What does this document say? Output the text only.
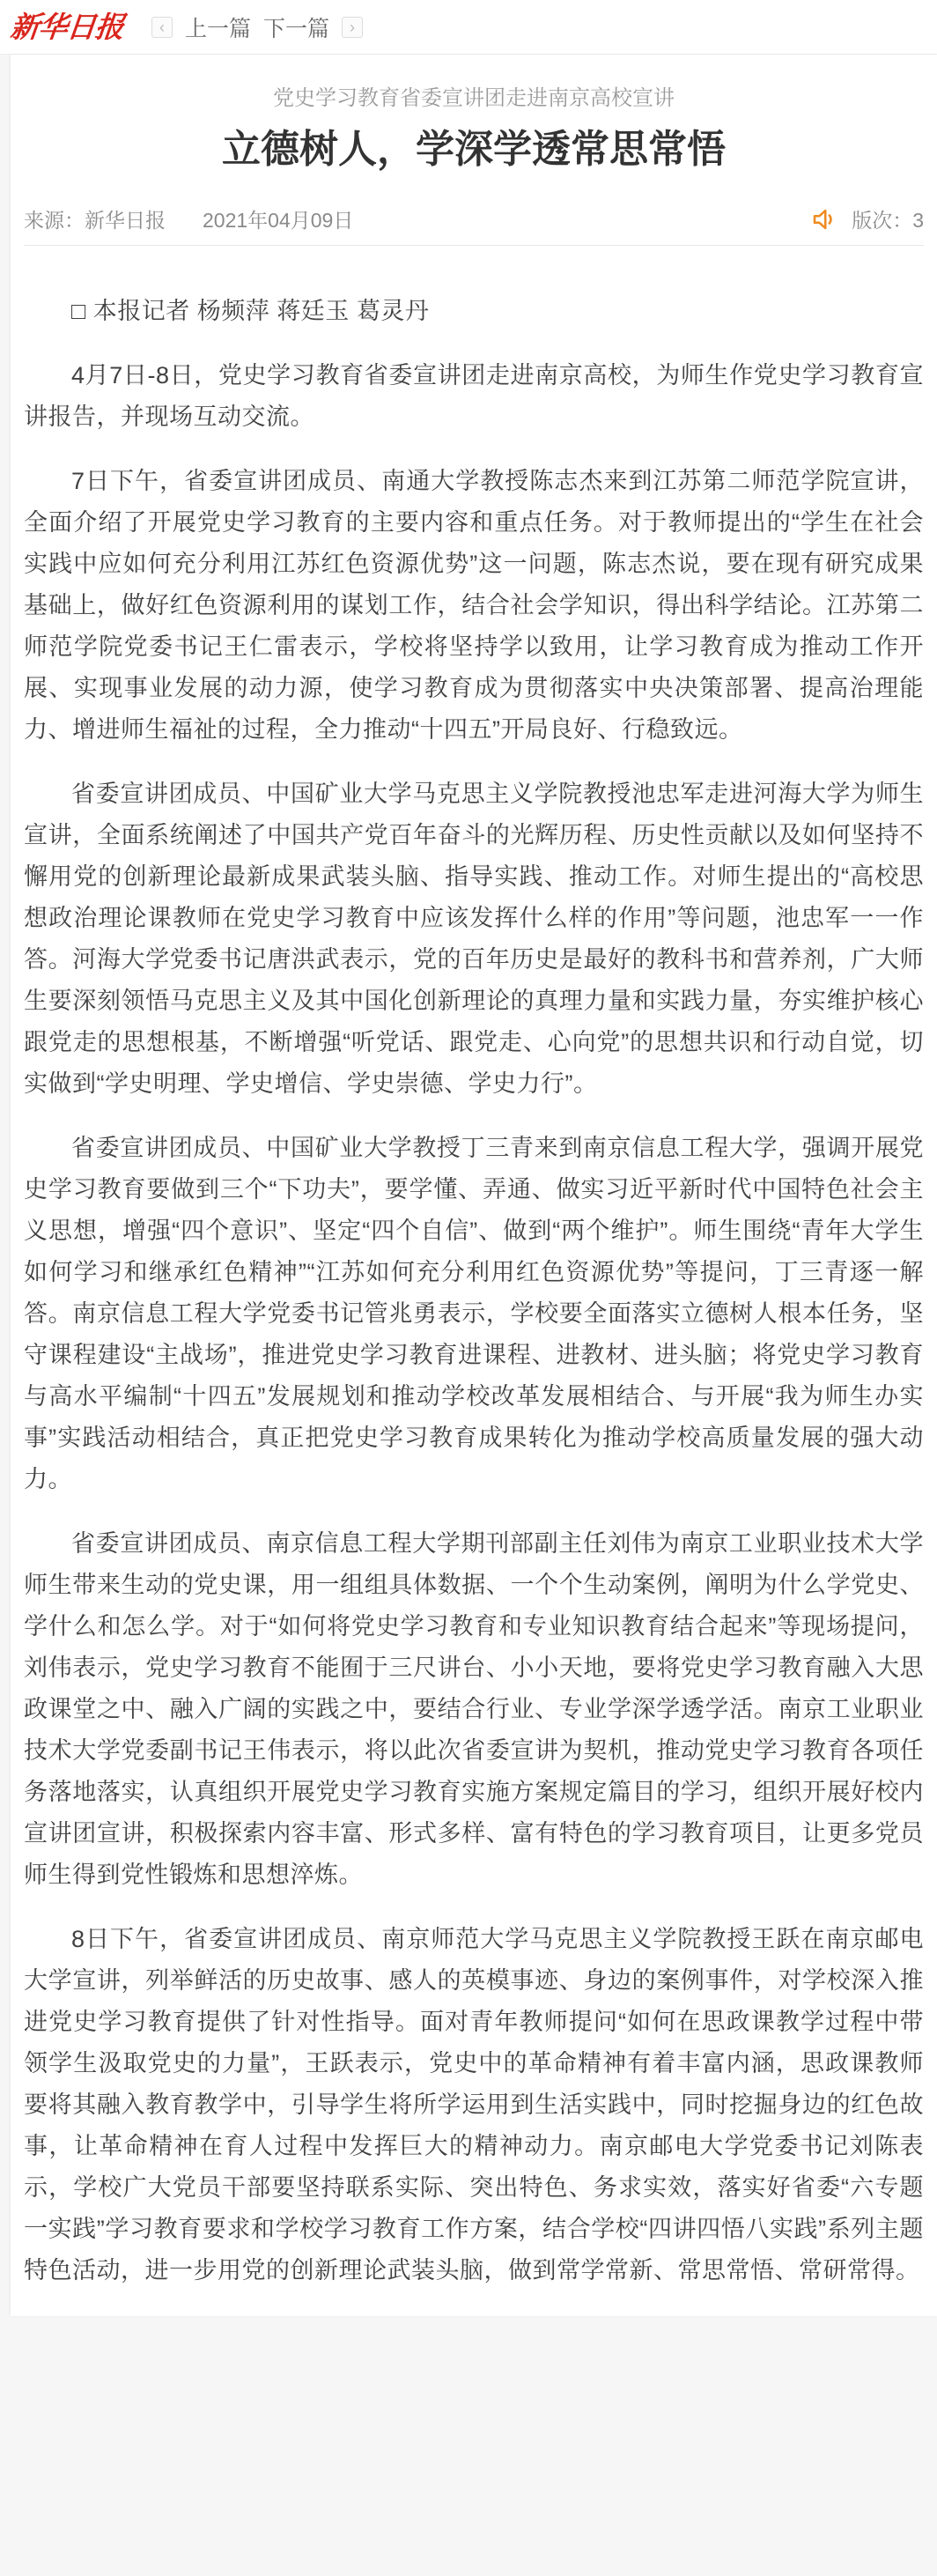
新华日报	‹ 上一篇 下一篇	›
党史学习教育省委宣讲团走进南京高校宣讲
立德树人，学深学透常思常悟
来源：新华日报 2021年04月09日	版次：3

□ 本报记者 杨频萍 蒋廷玉 葛灵丹

4月7日-8日，党史学习教育省委宣讲团走进南京高校，为师生作党史学习教育宣讲报告，并现场互动交流。

7日下午，省委宣讲团成员、南通大学教授陈志杰来到江苏第二师范学院宣讲，全面介绍了开展党史学习教育的主要内容和重点任务。对于教师提出的“学生在社会实践中应如何充分利用江苏红色资源优势”这一问题，陈志杰说，要在现有研究成果基础上，做好红色资源利用的谋划工作，结合社会学知识，得出科学结论。江苏第二师范学院党委书记王仁雷表示，学校将坚持学以致用，让学习教育成为推动工作开展、实现事业发展的动力源，使学习教育成为贯彻落实中央决策部署、提高治理能力、增进师生福祉的过程，全力推动“十四五”开局良好、行稳致远。

省委宣讲团成员、中国矿业大学马克思主义学院教授池忠军走进河海大学为师生宣讲，全面系统阐述了中国共产党百年奋斗的光辉历程、历史性贡献以及如何坚持不懈用党的创新理论最新成果武装头脑、指导实践、推动工作。对师生提出的“高校思想政治理论课教师在党史学习教育中应该发挥什么样的作用”等问题，池忠军一一作答。河海大学党委书记唐洪武表示，党的百年历史是最好的教科书和营养剂，广大师生要深刻领悟马克思主义及其中国化创新理论的真理力量和实践力量，夯实维护核心跟党走的思想根基，不断增强“听党话、跟党走、心向党”的思想共识和行动自觉，切实做到“学史明理、学史增信、学史崇德、学史力行”。

省委宣讲团成员、中国矿业大学教授丁三青来到南京信息工程大学，强调开展党史学习教育要做到三个“下功夫”，要学懂、弄通、做实习近平新时代中国特色社会主义思想，增强“四个意识”、坚定“四个自信”、做到“两个维护”。师生围绕“青年大学生如何学习和继承红色精神”“江苏如何充分利用红色资源优势”等提问，丁三青逐一解答。南京信息工程大学党委书记管兆勇表示，学校要全面落实立德树人根本任务，坚守课程建设“主战场”，推进党史学习教育进课程、进教材、进头脑；将党史学习教育与高水平编制“十四五”发展规划和推动学校改革发展相结合、与开展“我为师生办实事”实践活动相结合，真正把党史学习教育成果转化为推动学校高质量发展的强大动力。

省委宣讲团成员、南京信息工程大学期刊部副主任刘伟为南京工业职业技术大学师生带来生动的党史课，用一组组具体数据、一个个生动案例，阐明为什么学党史、学什么和怎么学。对于“如何将党史学习教育和专业知识教育结合起来”等现场提问，刘伟表示，党史学习教育不能囿于三尺讲台、小小天地，要将党史学习教育融入大思政课堂之中、融入广阔的实践之中，要结合行业、专业学深学透学活。南京工业职业技术大学党委副书记王伟表示，将以此次省委宣讲为契机，推动党史学习教育各项任务落地落实，认真组织开展党史学习教育实施方案规定篇目的学习，组织开展好校内宣讲团宣讲，积极探索内容丰富、形式多样、富有特色的学习教育项目，让更多党员师生得到党性锻炼和思想淬炼。

8日下午，省委宣讲团成员、南京师范大学马克思主义学院教授王跃在南京邮电大学宣讲，列举鲜活的历史故事、感人的英模事迹、身边的案例事件，对学校深入推进党史学习教育提供了针对性指导。面对青年教师提问“如何在思政课教学过程中带领学生汲取党史的力量”，王跃表示，党史中的革命精神有着丰富内涵，思政课教师要将其融入教育教学中，引导学生将所学运用到生活实践中，同时挖掘身边的红色故事，让革命精神在育人过程中发挥巨大的精神动力。南京邮电大学党委书记刘陈表示，学校广大党员干部要坚持联系实际、突出特色、务求实效，落实好省委“六专题一实践”学习教育要求和学校学习教育工作方案，结合学校“四讲四悟八实践”系列主题特色活动，进一步用党的创新理论武装头脑，做到常学常新、常思常悟、常研常得。
